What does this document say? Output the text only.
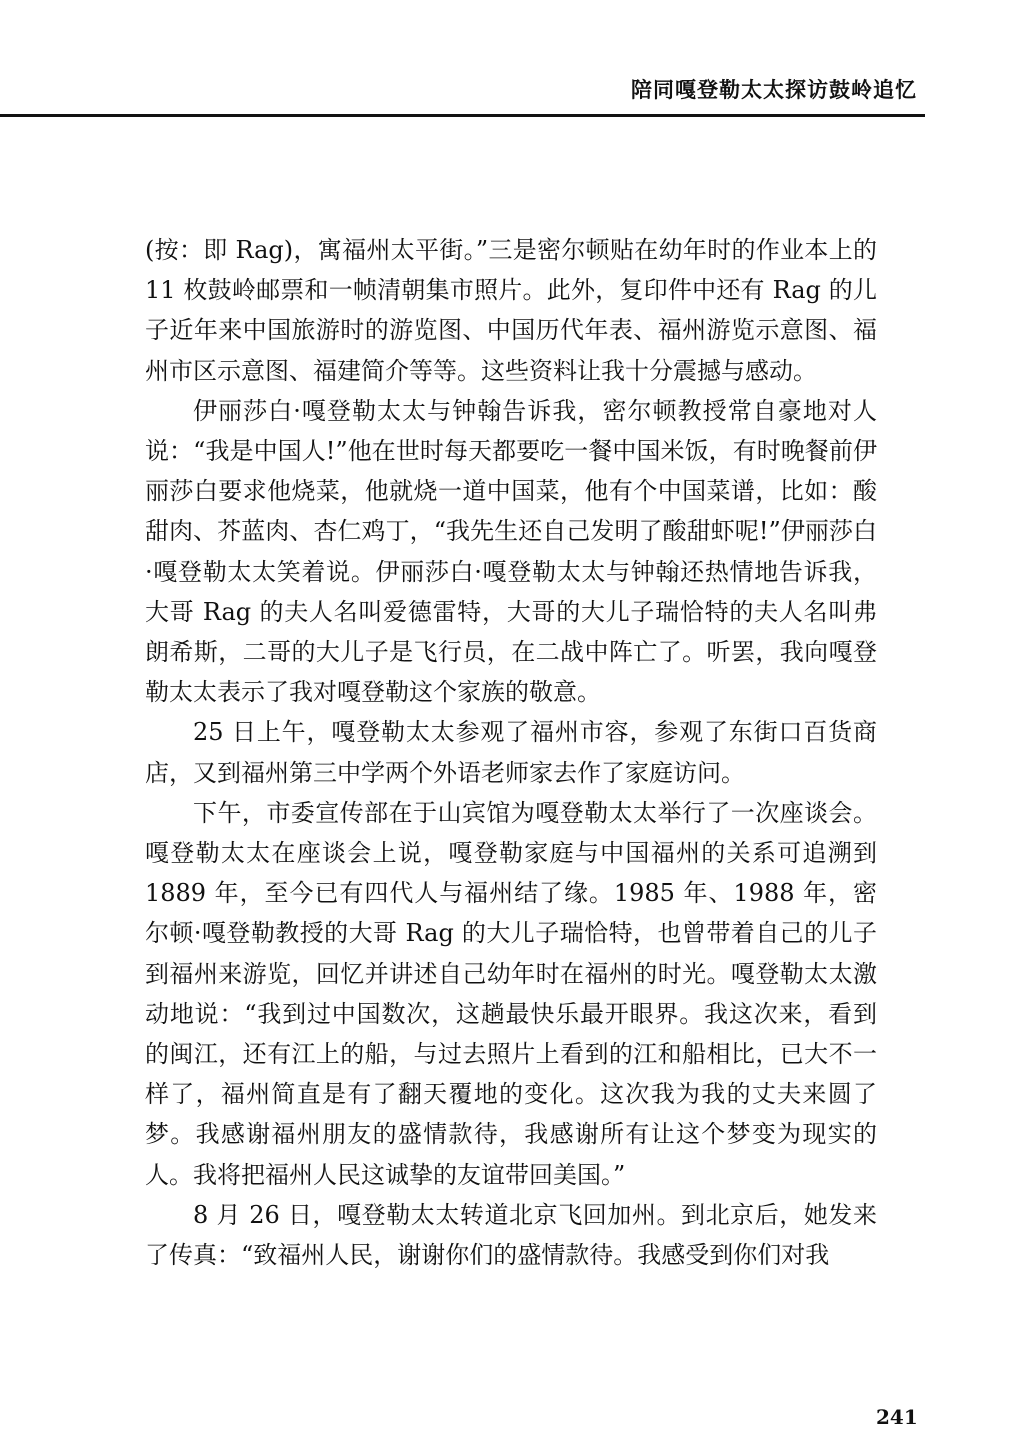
陪同嘎登勒太太探访鼓岭追忆

(按：即 Rag)，寓福州太平街。”三是密尔顿贴在幼年时的作业本上的 11 枚鼓岭邮票和一帧清朝集市照片。此外，复印件中还有 Rag 的儿子近年来中国旅游时的游览图、中国历代年表、福州游览示意图、福州市区示意图、福建简介等等。这些资料让我十分震撼与感动。

伊丽莎白·嘎登勒太太与钟翰告诉我，密尔顿教授常自豪地对人说：“我是中国人!”他在世时每天都要吃一餐中国米饭，有时晚餐前伊丽莎白要求他烧菜，他就烧一道中国菜，他有个中国菜谱，比如：酸甜肉、芥蓝肉、杏仁鸡丁，“我先生还自己发明了酸甜虾呢!”伊丽莎白·嘎登勒太太笑着说。伊丽莎白·嘎登勒太太与钟翰还热情地告诉我，大哥 Rag 的夫人名叫爱德雷特，大哥的大儿子瑞恰特的夫人名叫弗朗希斯，二哥的大儿子是飞行员，在二战中阵亡了。听罢，我向嘎登勒太太表示了我对嘎登勒这个家族的敬意。

25 日上午，嘎登勒太太参观了福州市容，参观了东街口百货商店，又到福州第三中学两个外语老师家去作了家庭访问。

下午，市委宣传部在于山宾馆为嘎登勒太太举行了一次座谈会。嘎登勒太太在座谈会上说，嘎登勒家庭与中国福州的关系可追溯到 1889 年，至今已有四代人与福州结了缘。1985 年、1988 年，密尔顿·嘎登勒教授的大哥 Rag 的大儿子瑞恰特，也曾带着自己的儿子到福州来游览，回忆并讲述自己幼年时在福州的时光。嘎登勒太太激动地说：“我到过中国数次，这趟最快乐最开眼界。我这次来，看到的闽江，还有江上的船，与过去照片上看到的江和船相比，已大不一样了，福州简直是有了翻天覆地的变化。这次我为我的丈夫来圆了梦。我感谢福州朋友的盛情款待，我感谢所有让这个梦变为现实的人。我将把福州人民这诚挚的友谊带回美国。”

8 月 26 日，嘎登勒太太转道北京飞回加州。到北京后，她发来了传真：“致福州人民，谢谢你们的盛情款待。我感受到你们对我

241
